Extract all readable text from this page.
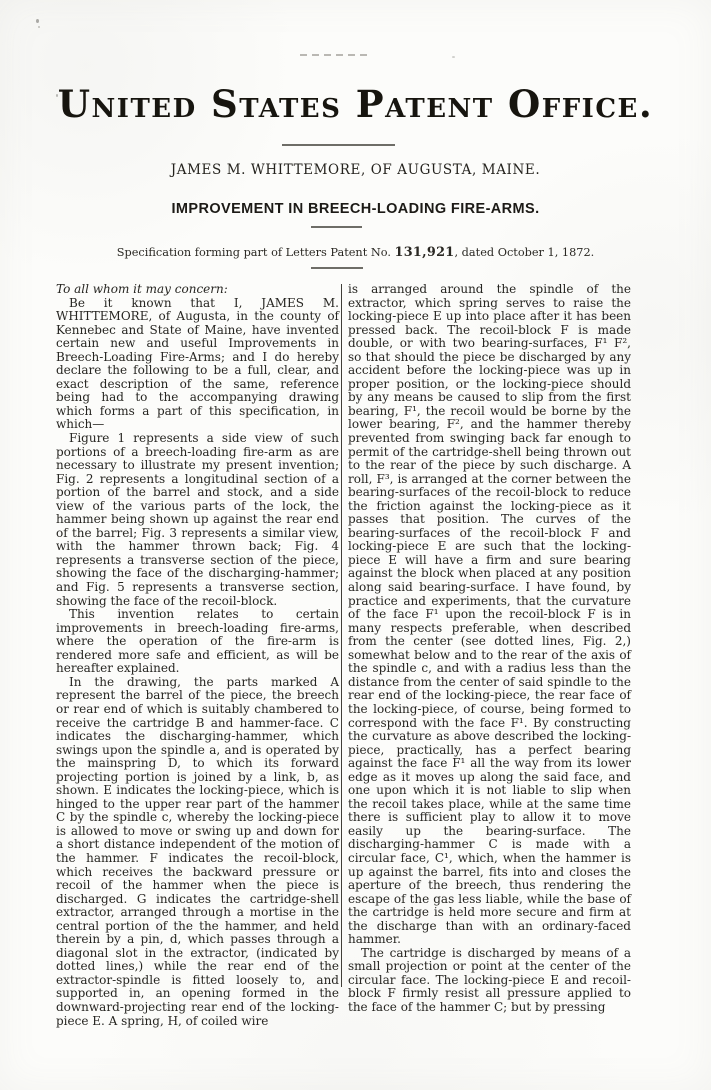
United States Patent Office.
JAMES M. WHITTEMORE, OF AUGUSTA, MAINE.
IMPROVEMENT IN BREECH-LOADING FIRE-ARMS.
Specification forming part of Letters Patent No. 131,921, dated October 1, 1872.

To all whom it may concern:

Be it known that I, JAMES M. WHITTEMORE, of Augusta, in the county of Kennebec and State of Maine, have invented certain new and useful Improvements in Breech-Loading Fire-Arms; and I do hereby declare the following to be a full, clear, and exact description of the same, reference being had to the accompanying drawing which forms a part of this specification, in which—

Figure 1 represents a side view of such portions of a breech-loading fire-arm as are necessary to illustrate my present invention; Fig. 2 represents a longitudinal section of a portion of the barrel and stock, and a side view of the various parts of the lock, the hammer being shown up against the rear end of the barrel; Fig. 3 represents a similar view, with the hammer thrown back; Fig. 4 represents a transverse section of the piece, showing the face of the discharging-hammer; and Fig. 5 represents a transverse section, showing the face of the recoil-block.

This invention relates to certain improvements in breech-loading fire-arms, where the operation of the fire-arm is rendered more safe and efficient, as will be hereafter explained.

In the drawing, the parts marked A represent the barrel of the piece, the breech or rear end of which is suitably chambered to receive the cartridge B and hammer-face. C indicates the discharging-hammer, which swings upon the spindle a, and is operated by the mainspring D, to which its forward projecting portion is joined by a link, b, as shown. E indicates the locking-piece, which is hinged to the upper rear part of the hammer C by the spindle c, whereby the locking-piece is allowed to move or swing up and down for a short distance independent of the motion of the hammer. F indicates the recoil-block, which receives the backward pressure or recoil of the hammer when the piece is discharged. G indicates the cartridge-shell extractor, arranged through a mortise in the central portion of the the hammer, and held therein by a pin, d, which passes through a diagonal slot in the extractor, (indicated by dotted lines,) while the rear end of the extractor-spindle is fitted loosely to, and supported in, an opening formed in the downward-projecting rear end of the locking-piece E. A spring, H, of coiled wire

is arranged around the spindle of the extractor, which spring serves to raise the locking-piece E up into place after it has been pressed back. The recoil-block F is made double, or with two bearing-surfaces, F¹ F², so that should the piece be discharged by any accident before the locking-piece was up in proper position, or the locking-piece should by any means be caused to slip from the first bearing, F¹, the recoil would be borne by the lower bearing, F², and the hammer thereby prevented from swinging back far enough to permit of the cartridge-shell being thrown out to the rear of the piece by such discharge. A roll, F³, is arranged at the corner between the bearing-surfaces of the recoil-block to reduce the friction against the locking-piece as it passes that position. The curves of the bearing-surfaces of the recoil-block F and locking-piece E are such that the locking-piece E will have a firm and sure bearing against the block when placed at any position along said bearing-surface. I have found, by practice and experiments, that the curvature of the face F¹ upon the recoil-block F is in many respects preferable, when described from the center (see dotted lines, Fig. 2,) somewhat below and to the rear of the axis of the spindle c, and with a radius less than the distance from the center of said spindle to the rear end of the locking-piece, the rear face of the locking-piece, of course, being formed to correspond with the face F¹. By constructing the curvature as above described the locking-piece, practically, has a perfect bearing against the face F¹ all the way from its lower edge as it moves up along the said face, and one upon which it is not liable to slip when the recoil takes place, while at the same time there is sufficient play to allow it to move easily up the bearing-surface. The discharging-hammer C is made with a circular face, C¹, which, when the hammer is up against the barrel, fits into and closes the aperture of the breech, thus rendering the escape of the gas less liable, while the base of the cartridge is held more secure and firm at the discharge than with an ordinary-faced hammer.

The cartridge is discharged by means of a small projection or point at the center of the circular face. The locking-piece E and recoil-block F firmly resist all pressure applied to the face of the hammer C; but by pressing
